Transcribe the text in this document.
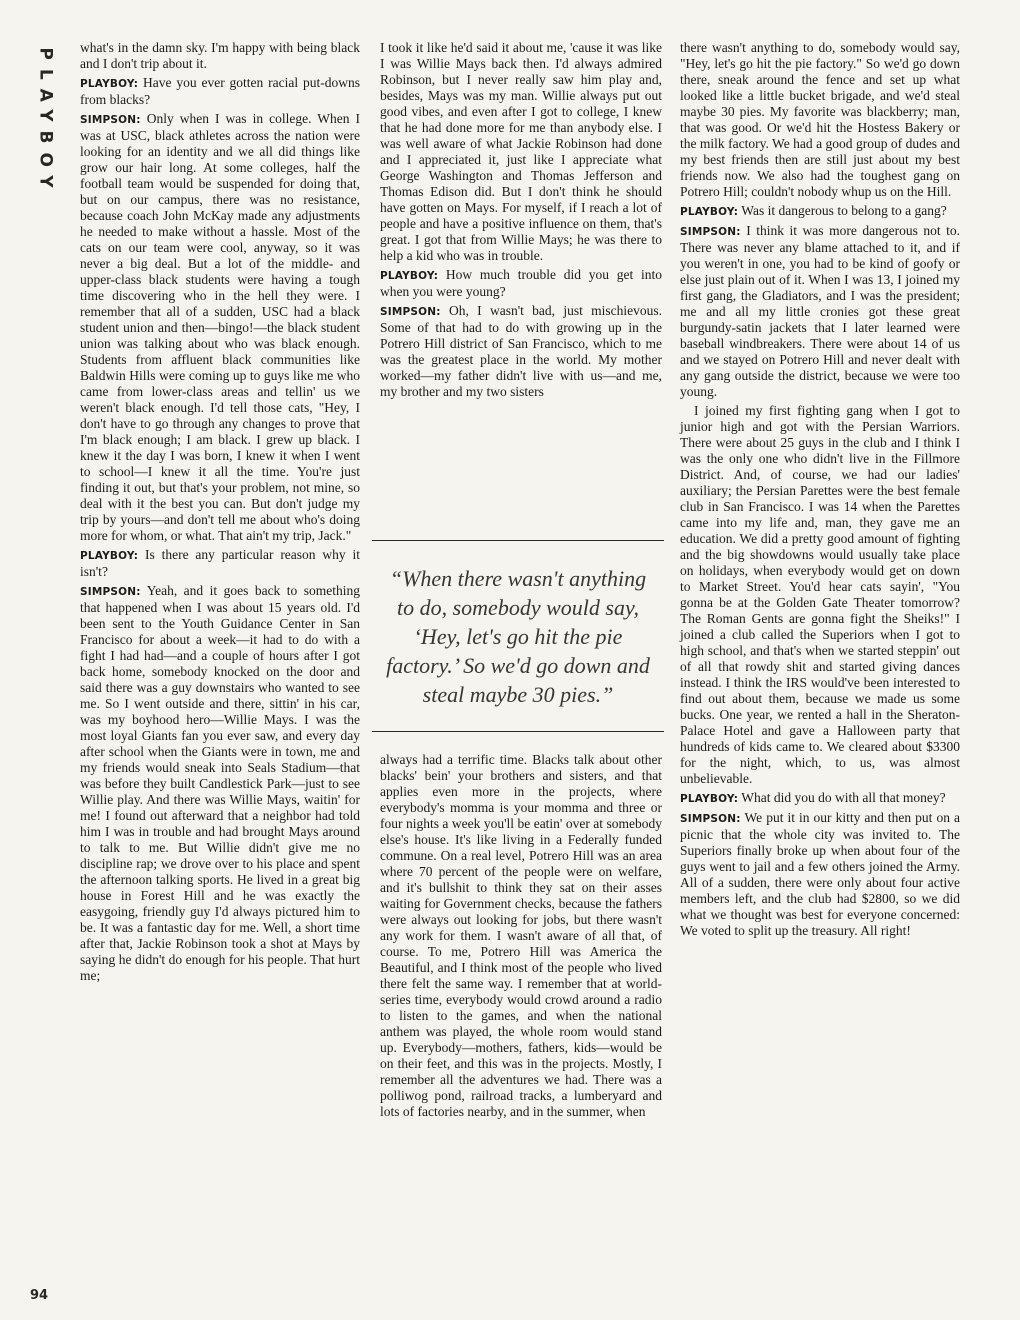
PLAYBOY what's in the damn sky. I'm happy with being black and I don't trip about it.

PLAYBOY: Have you ever gotten racial put-downs from blacks?

SIMPSON: Only when I was in college. When I was at USC, black athletes across the nation were looking for an identity and we all did things like grow our hair long. At some colleges, half the football team would be suspended for doing that, but on our campus, there was no resistance, because coach John McKay made any adjustments he needed to make without a hassle. Most of the cats on our team were cool, anyway, so it was never a big deal. But a lot of the middle- and upper-class black students were having a tough time discovering who in the hell they were. I remember that all of a sudden, USC had a black student union and then—bingo!—the black student union was talking about who was black enough. Students from affluent black communities like Baldwin Hills were coming up to guys like me who came from lower-class areas and tellin' us we weren't black enough. I'd tell those cats, "Hey, I don't have to go through any changes to prove that I'm black enough; I am black. I grew up black. I knew it the day I was born, I knew it when I went to school—I knew it all the time. You're just finding it out, but that's your problem, not mine, so deal with it the best you can. But don't judge my trip by yours—and don't tell me about who's doing more for whom, or what. That ain't my trip, Jack."

PLAYBOY: Is there any particular reason why it isn't?

SIMPSON: Yeah, and it goes back to something that happened when I was about 15 years old. I'd been sent to the Youth Guidance Center in San Francisco for about a week—it had to do with a fight I had had—and a couple of hours after I got back home, somebody knocked on the door and said there was a guy downstairs who wanted to see me. So I went outside and there, sittin' in his car, was my boyhood hero—Willie Mays. I was the most loyal Giants fan you ever saw, and every day after school when the Giants were in town, me and my friends would sneak into Seals Stadium—that was before they built Candlestick Park—just to see Willie play. And there was Willie Mays, waitin' for me! I found out afterward that a neighbor had told him I was in trouble and had brought Mays around to talk to me. But Willie didn't give me no discipline rap; we drove over to his place and spent the afternoon talking sports. He lived in a great big house in Forest Hill and he was exactly the easygoing, friendly guy I'd always pictured him to be. It was a fantastic day for me. Well, a short time after that, Jackie Robinson took a shot at Mays by saying he didn't do enough for his people. That hurt me;

I took it like he'd said it about me, 'cause it was like I was Willie Mays back then. I'd always admired Robinson, but I never really saw him play and, besides, Mays was my man. Willie always put out good vibes, and even after I got to college, I knew that he had done more for me than anybody else. I was well aware of what Jackie Robinson had done and I appreciated it, just like I appreciate what George Washington and Thomas Jefferson and Thomas Edison did. But I don't think he should have gotten on Mays. For myself, if I reach a lot of people and have a positive influence on them, that's great. I got that from Willie Mays; he was there to help a kid who was in trouble.

PLAYBOY: How much trouble did you get into when you were young?

SIMPSON: Oh, I wasn't bad, just mischievous. Some of that had to do with growing up in the Potrero Hill district of San Francisco, which to me was the greatest place in the world. My mother worked—my father didn't live with us—and me, my brother and my two sisters

“When there wasn't anything to do, somebody would say, ‘Hey, let's go hit the pie factory.’ So we'd go down and steal maybe 30 pies.”

always had a terrific time. Blacks talk about other blacks' bein' your brothers and sisters, and that applies even more in the projects, where everybody's momma is your momma and three or four nights a week you'll be eatin' over at somebody else's house. It's like living in a Federally funded commune. On a real level, Potrero Hill was an area where 70 percent of the people were on welfare, and it's bullshit to think they sat on their asses waiting for Government checks, because the fathers were always out looking for jobs, but there wasn't any work for them. I wasn't aware of all that, of course. To me, Potrero Hill was America the Beautiful, and I think most of the people who lived there felt the same way. I remember that at world-series time, everybody would crowd around a radio to listen to the games, and when the national anthem was played, the whole room would stand up. Everybody—mothers, fathers, kids—would be on their feet, and this was in the projects. Mostly, I remember all the adventures we had. There was a polliwog pond, railroad tracks, a lumberyard and lots of factories nearby, and in the summer, when

there wasn't anything to do, somebody would say, "Hey, let's go hit the pie factory." So we'd go down there, sneak around the fence and set up what looked like a little bucket brigade, and we'd steal maybe 30 pies. My favorite was blackberry; man, that was good. Or we'd hit the Hostess Bakery or the milk factory. We had a good group of dudes and my best friends then are still just about my best friends now. We also had the toughest gang on Potrero Hill; couldn't nobody whup us on the Hill.

PLAYBOY: Was it dangerous to belong to a gang?

SIMPSON: I think it was more dangerous not to. There was never any blame attached to it, and if you weren't in one, you had to be kind of goofy or else just plain out of it. When I was 13, I joined my first gang, the Gladiators, and I was the president; me and all my little cronies got these great burgundy-satin jackets that I later learned were baseball windbreakers. There were about 14 of us and we stayed on Potrero Hill and never dealt with any gang outside the district, because we were too young.

I joined my first fighting gang when I got to junior high and got with the Persian Warriors. There were about 25 guys in the club and I think I was the only one who didn't live in the Fillmore District. And, of course, we had our ladies' auxiliary; the Persian Parettes were the best female club in San Francisco. I was 14 when the Parettes came into my life and, man, they gave me an education. We did a pretty good amount of fighting and the big showdowns would usually take place on holidays, when everybody would get on down to Market Street. You'd hear cats sayin', "You gonna be at the Golden Gate Theater tomorrow? The Roman Gents are gonna fight the Sheiks!" I joined a club called the Superiors when I got to high school, and that's when we started steppin' out of all that rowdy shit and started giving dances instead. I think the IRS would've been interested to find out about them, because we made us some bucks. One year, we rented a hall in the Sheraton-Palace Hotel and gave a Halloween party that hundreds of kids came to. We cleared about $3300 for the night, which, to us, was almost unbelievable.

PLAYBOY: What did you do with all that money?

SIMPSON: We put it in our kitty and then put on a picnic that the whole city was invited to. The Superiors finally broke up when about four of the guys went to jail and a few others joined the Army. All of a sudden, there were only about four active members left, and the club had $2800, so we did what we thought was best for everyone concerned: We voted to split up the treasury. All right!

94
